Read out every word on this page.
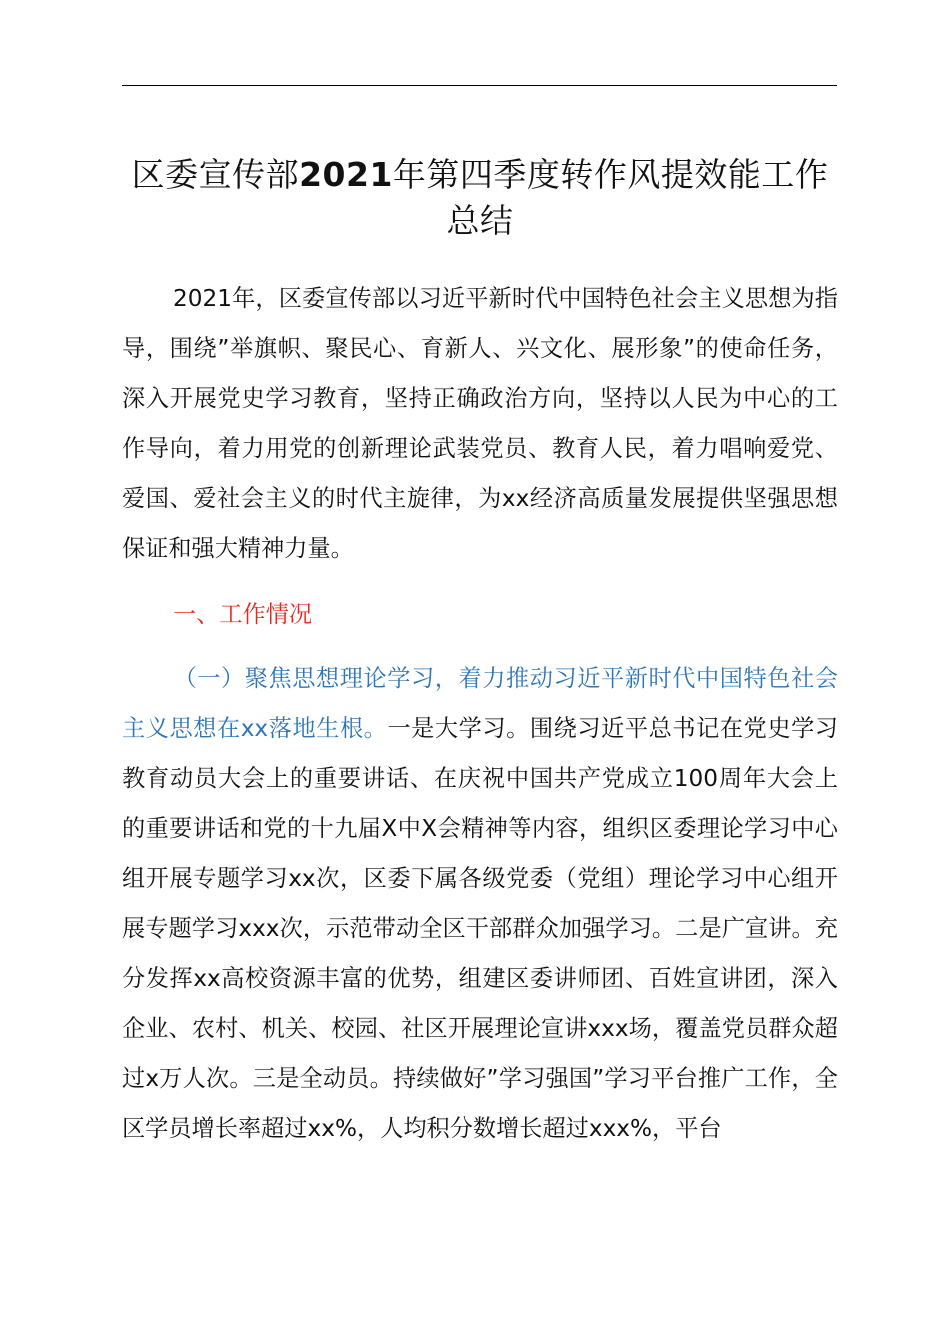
区委宣传部2021年第四季度转作风提效能工作总结

2021年，区委宣传部以习近平新时代中国特色社会主义思想为指导，围绕”举旗帜、聚民心、育新人、兴文化、展形象”的使命任务，深入开展党史学习教育，坚持正确政治方向，坚持以人民为中心的工作导向，着力用党的创新理论武装党员、教育人民，着力唱响爱党、爱国、爱社会主义的时代主旋律，为xx经济高质量发展提供坚强思想保证和强大精神力量。

一、工作情况

（一）聚焦思想理论学习，着力推动习近平新时代中国特色社会主义思想在xx落地生根。一是大学习。围绕习近平总书记在党史学习教育动员大会上的重要讲话、在庆祝中国共产党成立100周年大会上的重要讲话和党的十九届X中X会精神等内容，组织区委理论学习中心组开展专题学习xx次，区委下属各级党委（党组）理论学习中心组开展专题学习xxx次，示范带动全区干部群众加强学习。二是广宣讲。充分发挥xx高校资源丰富的优势，组建区委讲师团、百姓宣讲团，深入企业、农村、机关、校园、社区开展理论宣讲xxx场，覆盖党员群众超过x万人次。三是全动员。持续做好”学习强国”学习平台推广工作，全区学员增长率超过xx%，人均积分数增长超过xxx%，平台
